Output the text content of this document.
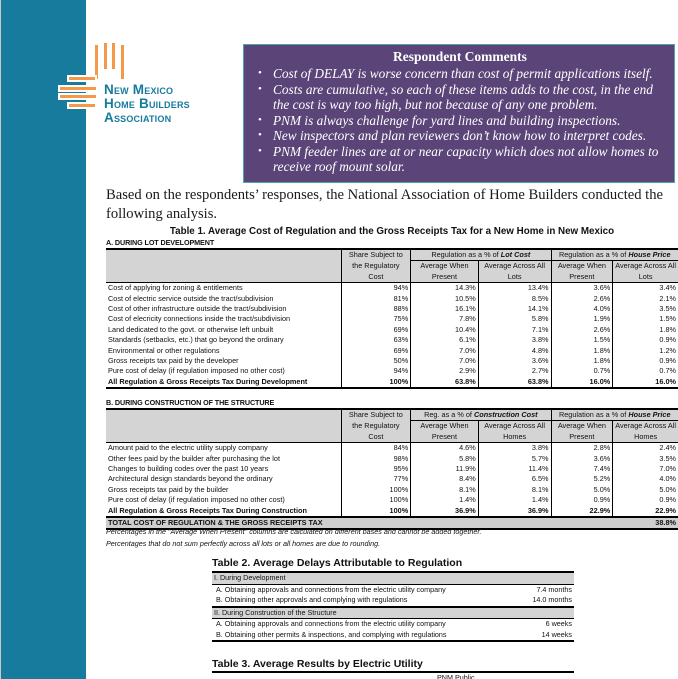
New Mexico
Home Builders
Association
Respondent Comments
• Cost of DELAY is worse concern than cost of permit applications itself.
• Costs are cumulative, so each of these items adds to the cost, in the end the cost is way too high, but not because of any one problem.
• PNM is always challenge for yard lines and building inspections.
• New inspectors and plan reviewers don’t know how to interpret codes.
• PNM feeder lines are at or near capacity which does not allow homes to receive roof mount solar.

Based on the respondents’ responses, the National Association of Home Builders conducted the following analysis.

Table 1. Average Cost of Regulation and the Gross Receipts Tax for a New Home in New Mexico
A. DURING LOT DEVELOPMENT
	Share Subject to	Regulation as a % of Lot Cost		Regulation as a % of House Price	
	the Regulatory	Average When	Average Across All	Average When	Average Across All
	Cost	Present	Lots	Present	Lots
Cost of applying for zoning & entitlements	94%	14.3%	13.4%	3.6%	3.4%
Cost of electric service outside the tract/subdivision	81%	10.5%	8.5%	2.6%	2.1%
Cost of other infrastructure outside the tract/subdivision	88%	16.1%	14.1%	4.0%	3.5%
Cost of elecricity connections inside the tract/subdivision	75%	7.8%	5.8%	1.9%	1.5%
Land dedicated to the govt. or otherwise left unbuilt	69%	10.4%	7.1%	2.6%	1.8%
Standards (setbacks, etc.) that go beyond the ordinary	63%	6.1%	3.8%	1.5%	0.9%
Environmental or other regulations	69%	7.0%	4.8%	1.8%	1.2%
Gross receipts tax paid by the developer	50%	7.0%	3.6%	1.8%	0.9%
Pure cost of delay (if regulation imposed no other cost)	94%	2.9%	2.7%	0.7%	0.7%
All Regulation & Gross Receipts Tax During Development	100%	63.8%	63.8%	16.0%	16.0%
B. DURING CONSTRUCTION OF THE STRUCTURE
	Share Subject to	Reg. as a % of Construction Cost		Regulation as a % of House Price	
	the Regulatory	Average When	Average Across All	Average When	Average Across All
	Cost	Present	Homes	Present	Homes
Amount paid to the electric utility supply company	84%	4.6%	3.8%	2.8%	2.4%
Other fees paid by the builder after purchasing the lot	98%	5.8%	5.7%	3.6%	3.5%
Changes to building codes over the past 10 years	95%	11.9%	11.4%	7.4%	7.0%
Architectural design standards beyond the ordinary	77%	8.4%	6.5%	5.2%	4.0%
Gross receipts tax paid by the builder	100%	8.1%	8.1%	5.0%	5.0%
Pure cost of delay (if regulation imposed no other cost)	100%	1.4%	1.4%	0.9%	0.9%
All Regulation & Gross Receipts Tax During Construction	100%	36.9%	36.9%	22.9%	22.9%
TOTAL COST OF REGULATION & THE GROSS RECEIPTS TAX					38.8%
Percentages in the "Average When Present" columns are calculated on different bases and cannot be added together.
Percentages that do not sum perfectly across all lots or all homes are due to rounding.
Table 2. Average Delays Attributable to Regulation
I. During Development	
A. Obtaining approvals and connections from the electric utility company	7.4 months
B. Obtaining other approvals and complying with regulations	14.0 months
II. During Construction of the Structure	
A. Obtaining approvals and connections from the electric utility company	6 weeks
B. Obtaining other permits & inspections, and complying with regulations	14 weeks
Table 3. Average Results by Electric Utility
PNM Public
